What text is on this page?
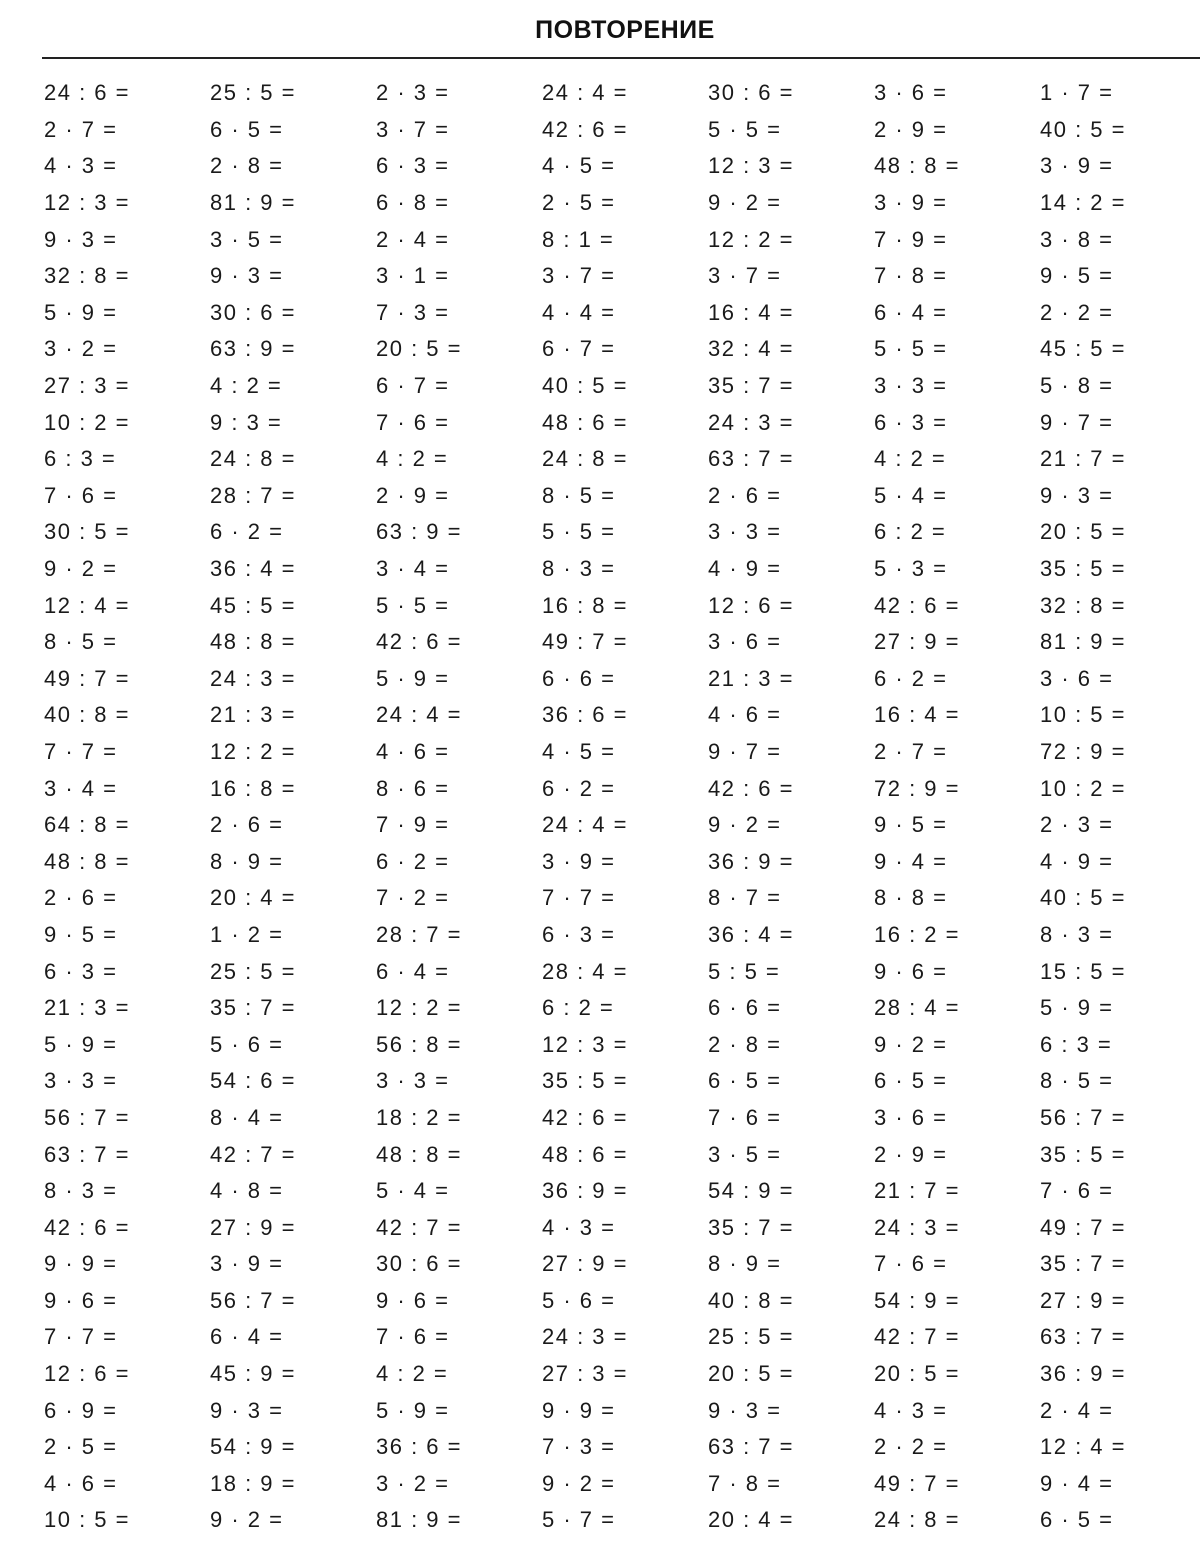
ПОВТОРЕНИЕ
24 : 6 =	25 : 5 =	2 · 3 =	24 : 4 =	30 : 6 =	3 · 6 =	1 · 7 =
2 · 7 =	6 · 5 =	3 · 7 =	42 : 6 =	5 · 5 =	2 · 9 =	40 : 5 =
4 · 3 =	2 · 8 =	6 · 3 =	4 · 5 =	12 : 3 =	48 : 8 =	3 · 9 =
12 : 3 =	81 : 9 =	6 · 8 =	2 · 5 =	9 · 2 =	3 · 9 =	14 : 2 =
9 · 3 =	3 · 5 =	2 · 4 =	8 : 1 =	12 : 2 =	7 · 9 =	3 · 8 =
32 : 8 =	9 · 3 =	3 · 1 =	3 · 7 =	3 · 7 =	7 · 8 =	9 · 5 =
5 · 9 =	30 : 6 =	7 · 3 =	4 · 4 =	16 : 4 =	6 · 4 =	2 · 2 =
3 · 2 =	63 : 9 =	20 : 5 =	6 · 7 =	32 : 4 =	5 · 5 =	45 : 5 =
27 : 3 =	4 : 2 =	6 · 7 =	40 : 5 =	35 : 7 =	3 · 3 =	5 · 8 =
10 : 2 =	9 : 3 =	7 · 6 =	48 : 6 =	24 : 3 =	6 · 3 =	9 · 7 =
6 : 3 =	24 : 8 =	4 : 2 =	24 : 8 =	63 : 7 =	4 : 2 =	21 : 7 =
7 · 6 =	28 : 7 =	2 · 9 =	8 · 5 =	2 · 6 =	5 · 4 =	9 · 3 =
30 : 5 =	6 · 2 =	63 : 9 =	5 · 5 =	3 · 3 =	6 : 2 =	20 : 5 =
9 · 2 =	36 : 4 =	3 · 4 =	8 · 3 =	4 · 9 =	5 · 3 =	35 : 5 =
12 : 4 =	45 : 5 =	5 · 5 =	16 : 8 =	12 : 6 =	42 : 6 =	32 : 8 =
8 · 5 =	48 : 8 =	42 : 6 =	49 : 7 =	3 · 6 =	27 : 9 =	81 : 9 =
49 : 7 =	24 : 3 =	5 · 9 =	6 · 6 =	21 : 3 =	6 · 2 =	3 · 6 =
40 : 8 =	21 : 3 =	24 : 4 =	36 : 6 =	4 · 6 =	16 : 4 =	10 : 5 =
7 · 7 =	12 : 2 =	4 · 6 =	4 · 5 =	9 · 7 =	2 · 7 =	72 : 9 =
3 · 4 =	16 : 8 =	8 · 6 =	6 · 2 =	42 : 6 =	72 : 9 =	10 : 2 =
64 : 8 =	2 · 6 =	7 · 9 =	24 : 4 =	9 · 2 =	9 · 5 =	2 · 3 =
48 : 8 =	8 · 9 =	6 · 2 =	3 · 9 =	36 : 9 =	9 · 4 =	4 · 9 =
2 · 6 =	20 : 4 =	7 · 2 =	7 · 7 =	8 · 7 =	8 · 8 =	40 : 5 =
9 · 5 =	1 · 2 =	28 : 7 =	6 · 3 =	36 : 4 =	16 : 2 =	8 · 3 =
6 · 3 =	25 : 5 =	6 · 4 =	28 : 4 =	5 : 5 =	9 · 6 =	15 : 5 =
21 : 3 =	35 : 7 =	12 : 2 =	6 : 2 =	6 · 6 =	28 : 4 =	5 · 9 =
5 · 9 =	5 · 6 =	56 : 8 =	12 : 3 =	2 · 8 =	9 · 2 =	6 : 3 =
3 · 3 =	54 : 6 =	3 · 3 =	35 : 5 =	6 · 5 =	6 · 5 =	8 · 5 =
56 : 7 =	8 · 4 =	18 : 2 =	42 : 6 =	7 · 6 =	3 · 6 =	56 : 7 =
63 : 7 =	42 : 7 =	48 : 8 =	48 : 6 =	3 · 5 =	2 · 9 =	35 : 5 =
8 · 3 =	4 · 8 =	5 · 4 =	36 : 9 =	54 : 9 =	21 : 7 =	7 · 6 =
42 : 6 =	27 : 9 =	42 : 7 =	4 · 3 =	35 : 7 =	24 : 3 =	49 : 7 =
9 · 9 =	3 · 9 =	30 : 6 =	27 : 9 =	8 · 9 =	7 · 6 =	35 : 7 =
9 · 6 =	56 : 7 =	9 · 6 =	5 · 6 =	40 : 8 =	54 : 9 =	27 : 9 =
7 · 7 =	6 · 4 =	7 · 6 =	24 : 3 =	25 : 5 =	42 : 7 =	63 : 7 =
12 : 6 =	45 : 9 =	4 : 2 =	27 : 3 =	20 : 5 =	20 : 5 =	36 : 9 =
6 · 9 =	9 · 3 =	5 · 9 =	9 · 9 =	9 · 3 =	4 · 3 =	2 · 4 =
2 · 5 =	54 : 9 =	36 : 6 =	7 · 3 =	63 : 7 =	2 · 2 =	12 : 4 =
4 · 6 =	18 : 9 =	3 · 2 =	9 · 2 =	7 · 8 =	49 : 7 =	9 · 4 =
10 : 5 =	9 · 2 =	81 : 9 =	5 · 7 =	20 : 4 =	24 : 8 =	6 · 5 =
